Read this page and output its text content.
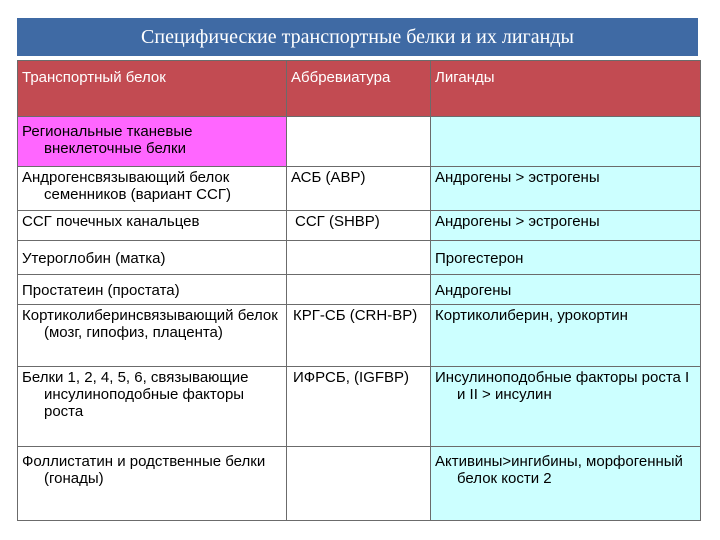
Специфические транспортные белки и их лиганды
Транспортный белок	Аббревиатура	Лиганды
Региональные тканевые внеклеточные белки		
Андрогенсвязывающий белок семенников (вариант ССГ)	АСБ (ABP)	Андрогены > эстрогены
ССГ почечных канальцев	ССГ (SHBP)	Андрогены > эстрогены
Утероглобин (матка)		Прогестерон
Простатеин (простата)		Андрогены
Кортиколиберинсвязывающий белок (мозг, гипофиз, плацента)	КРГ-СБ (CRH-BP)	Кортиколиберин, урокортин
Белки 1, 2, 4, 5, 6, связывающие инсулиноподобные факторы роста	ИФРСБ, (IGFBP)	Инсулиноподобные факторы роста I и II > инсулин
Фоллистатин и родственные белки (гонады)		Активины>ингибины, морфогенный белок кости 2
